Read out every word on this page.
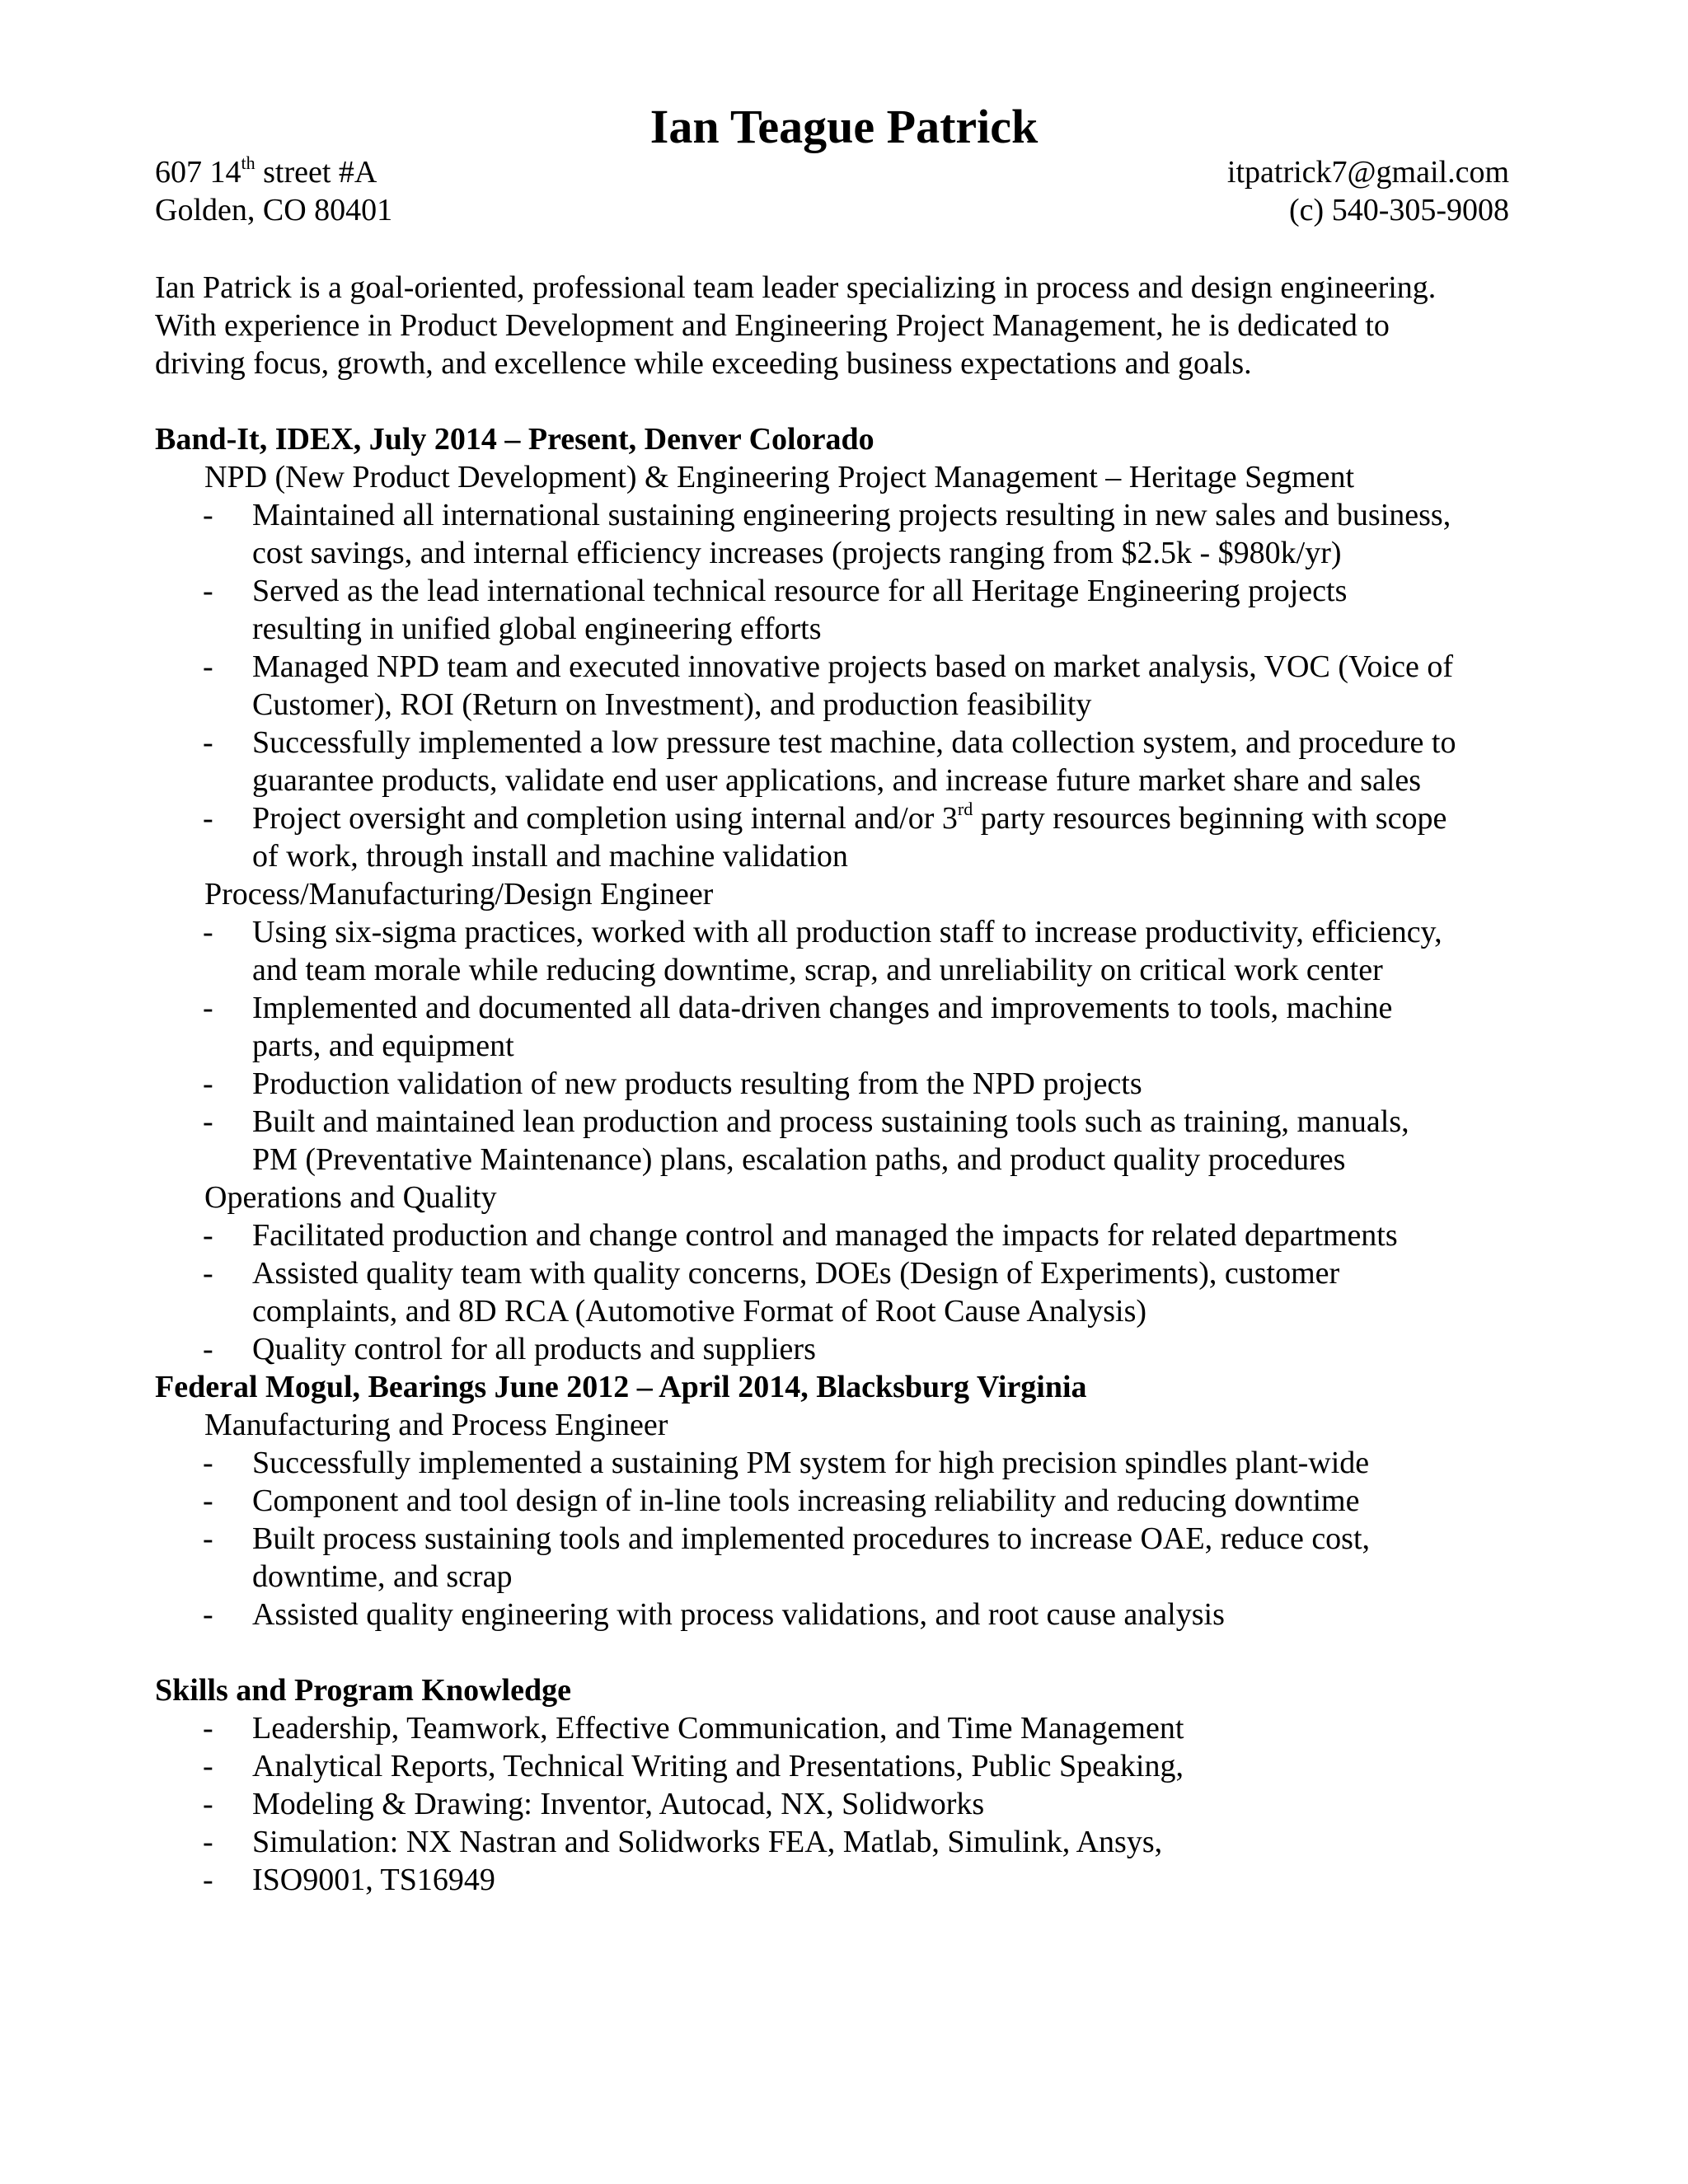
Ian Teague Patrick
607 14th street #A	itpatrick7@gmail.com
Golden, CO 80401	(c) 540-305-9008
Ian Patrick is a goal-oriented, professional team leader specializing in process and design engineering.
With experience in Product Development and Engineering Project Management, he is dedicated to
driving focus, growth, and excellence while exceeding business expectations and goals.
Band-It, IDEX, July 2014 – Present, Denver Colorado
NPD (New Product Development) & Engineering Project Management – Heritage Segment
- Maintained all international sustaining engineering projects resulting in new sales and business,
cost savings, and internal efficiency increases (projects ranging from $2.5k - $980k/yr)
- Served as the lead international technical resource for all Heritage Engineering projects
resulting in unified global engineering efforts
- Managed NPD team and executed innovative projects based on market analysis, VOC (Voice of
Customer), ROI (Return on Investment), and production feasibility
- Successfully implemented a low pressure test machine, data collection system, and procedure to
guarantee products, validate end user applications, and increase future market share and sales
- Project oversight and completion using internal and/or 3rd party resources beginning with scope
of work, through install and machine validation
Process/Manufacturing/Design Engineer
- Using six-sigma practices, worked with all production staff to increase productivity, efficiency,
and team morale while reducing downtime, scrap, and unreliability on critical work center
- Implemented and documented all data-driven changes and improvements to tools, machine
parts, and equipment
- Production validation of new products resulting from the NPD projects
- Built and maintained lean production and process sustaining tools such as training, manuals,
PM (Preventative Maintenance) plans, escalation paths, and product quality procedures
Operations and Quality
- Facilitated production and change control and managed the impacts for related departments
- Assisted quality team with quality concerns, DOEs (Design of Experiments), customer
complaints, and 8D RCA (Automotive Format of Root Cause Analysis)
- Quality control for all products and suppliers
Federal Mogul, Bearings June 2012 – April 2014, Blacksburg Virginia
Manufacturing and Process Engineer
- Successfully implemented a sustaining PM system for high precision spindles plant-wide
- Component and tool design of in-line tools increasing reliability and reducing downtime
- Built process sustaining tools and implemented procedures to increase OAE, reduce cost,
downtime, and scrap
- Assisted quality engineering with process validations, and root cause analysis
Skills and Program Knowledge
- Leadership, Teamwork, Effective Communication, and Time Management
- Analytical Reports, Technical Writing and Presentations, Public Speaking,
- Modeling & Drawing: Inventor, Autocad, NX, Solidworks
- Simulation: NX Nastran and Solidworks FEA, Matlab, Simulink, Ansys,
- ISO9001, TS16949
